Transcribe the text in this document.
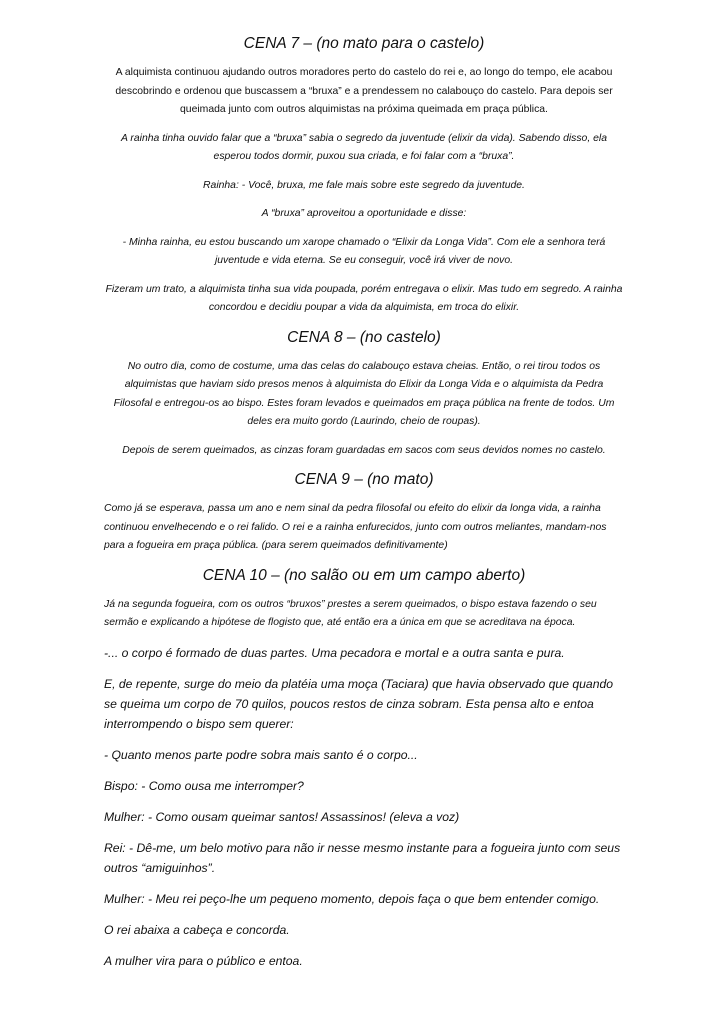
CENA 7 – (no mato para o castelo)

A alquimista continuou ajudando outros moradores perto do castelo do rei e, ao longo do tempo, ele acabou descobrindo e ordenou que buscassem a “bruxa” e a prendessem no calabouço do castelo. Para depois ser queimada junto com outros alquimistas na próxima queimada em praça pública.

A rainha tinha ouvido falar que a “bruxa” sabia o segredo da juventude (elixir da vida). Sabendo disso, ela esperou todos dormir, puxou sua criada, e foi falar com a “bruxa”.

Rainha: - Você, bruxa, me fale mais sobre este segredo da juventude.

A “bruxa” aproveitou a oportunidade e disse:

- Minha rainha, eu estou buscando um xarope chamado o “Elixir da Longa Vida”. Com ele a senhora terá juventude e vida eterna. Se eu conseguir, você irá viver de novo.

Fizeram um trato, a alquimista tinha sua vida poupada, porém entregava o elixir. Mas tudo em segredo. A rainha concordou e decidiu poupar a vida da alquimista, em troca do elixir.

CENA 8 – (no castelo)

No outro dia, como de costume, uma das celas do calabouço estava cheias. Então, o rei tirou todos os alquimistas que haviam sido presos menos à alquimista do Elixir da Longa Vida e o alquimista da Pedra Filosofal e entregou-os ao bispo. Estes foram levados e queimados em praça pública na frente de todos. Um deles era muito gordo (Laurindo, cheio de roupas).

Depois de serem queimados, as cinzas foram guardadas em sacos com seus devidos nomes no castelo.

CENA 9 – (no mato)

Como já se esperava, passa um ano e nem sinal da pedra filosofal ou efeito do elixir da longa vida, a rainha continuou envelhecendo e o rei falido. O rei e a rainha enfurecidos, junto com outros meliantes, mandam-nos para a fogueira em praça pública. (para serem queimados definitivamente)

CENA 10 – (no salão ou em um campo aberto)

Já na segunda fogueira, com os outros “bruxos” prestes a serem queimados, o bispo estava fazendo o seu sermão e explicando a hipótese de flogisto que, até então era a única em que se acreditava na época.

-... o corpo é formado de duas partes. Uma pecadora e mortal e a outra santa e pura.

E, de repente, surge do meio da platéia uma moça (Taciara) que havia observado que quando se queima um corpo de 70 quilos, poucos restos de cinza sobram. Esta pensa alto e entoa interrompendo o bispo sem querer:

- Quanto menos parte podre sobra mais santo é o corpo...

Bispo: - Como ousa me interromper?

Mulher: - Como ousam queimar santos! Assassinos! (eleva a voz)

Rei: - Dê-me, um belo motivo para não ir nesse mesmo instante para a fogueira junto com seus outros “amiguinhos”.

Mulher: - Meu rei peço-lhe um pequeno momento, depois faça o que bem entender comigo.

O rei abaixa a cabeça e concorda.

A mulher vira para o público e entoa.
